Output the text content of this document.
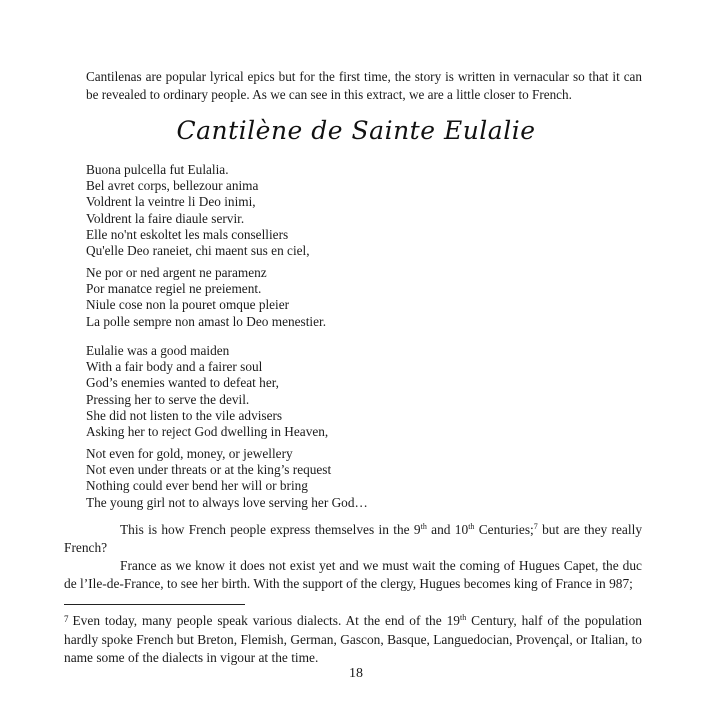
Cantilenas are popular lyrical epics but for the first time, the story is written in vernacular so that it can be revealed to ordinary people. As we can see in this extract, we are a little closer to French.
Cantilène de Sainte Eulalie
Buona pulcella fut Eulalia.
Bel avret corps, bellezour anima
Voldrent la veintre li Deo inimi,
Voldrent la faire diaule servir.
Elle no'nt eskoltet les mals conselliers
Qu'elle Deo raneiet, chi maent sus en ciel,
Ne por or ned argent ne paramenz
Por manatce regiel ne preiement.
Niule cose non la pouret omque pleier
La polle sempre non amast lo Deo menestier.
Eulalie was a good maiden
With a fair body and a fairer soul
God’s enemies wanted to defeat her,
Pressing her to serve the devil.
She did not listen to the vile advisers
Asking her to reject God dwelling in Heaven,
Not even for gold, money, or jewellery
Not even under threats or at the king’s request
Nothing could ever bend her will or bring
The young girl not to always love serving her God…
This is how French people express themselves in the 9th and 10th Centuries;$^7$ but are they really French?
France as we know it does not exist yet and we must wait the coming of Hugues Capet, the duc de l’Ile-de-France, to see her birth. With the support of the clergy, Hugues becomes king of France in 987;
$^7$ Even today, many people speak various dialects. At the end of the 19th Century, half of the population hardly spoke French but Breton, Flemish, German, Gascon, Basque, Languedocian, Provençal, or Italian, to name some of the dialects in vigour at the time.
18
